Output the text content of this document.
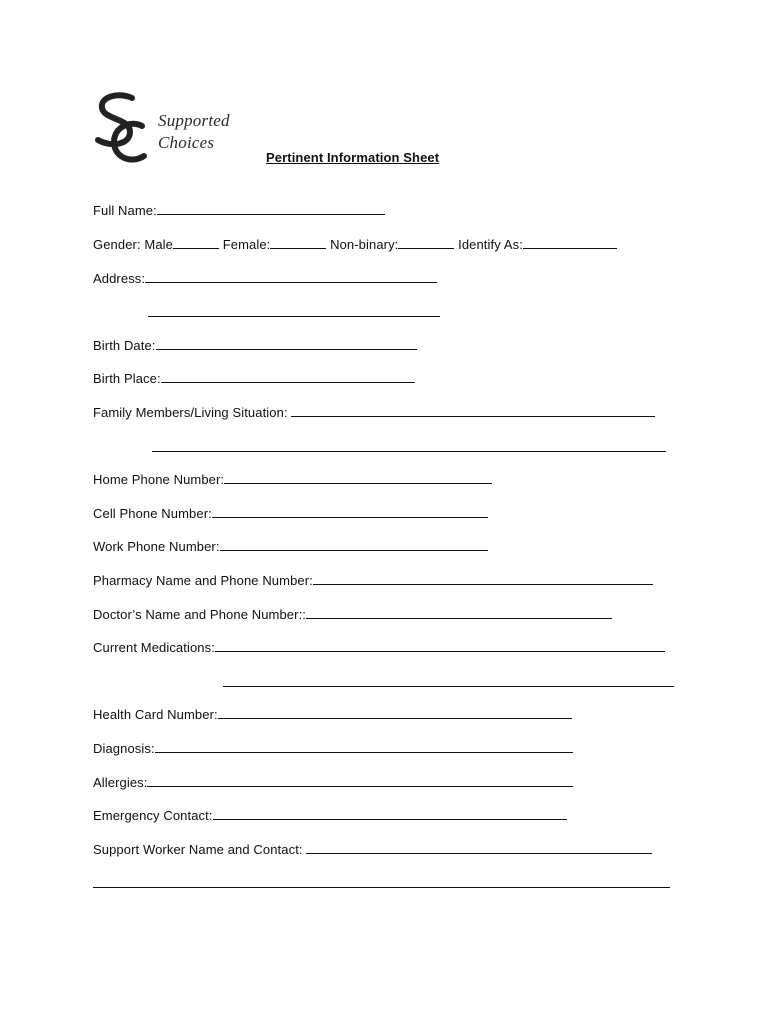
Supported
Choices
Pertinent Information Sheet
Full Name:
Gender: Male	Female:	Non-binary:	Identify As:
Address:
Birth Date:
Birth Place:
Family Members/Living Situation:
Home Phone Number:
Cell Phone Number:
Work Phone Number:
Pharmacy Name and Phone Number:
Doctor’s Name and Phone Number::
Current Medications:
Health Card Number:
Diagnosis:
Allergies:
Emergency Contact:
Support Worker Name and Contact:
